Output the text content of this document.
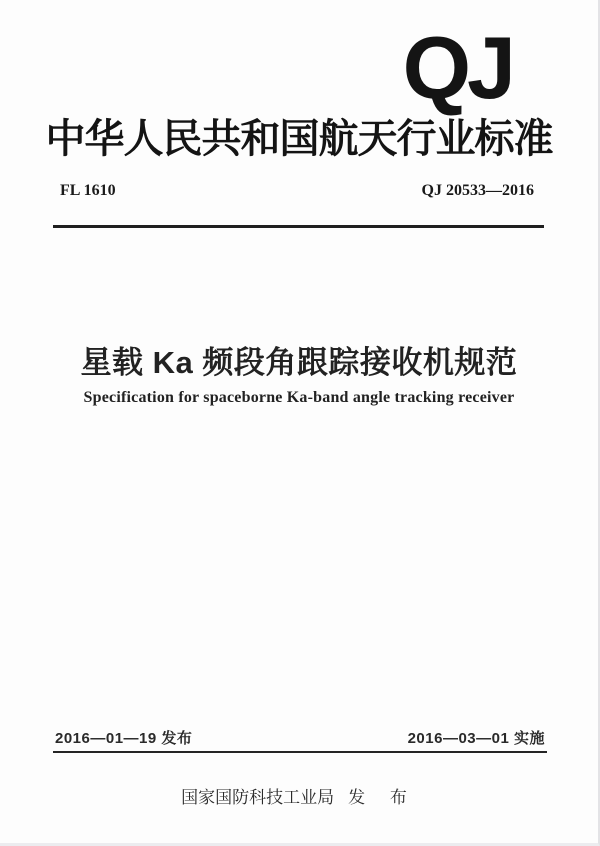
QJ
中华人民共和国航天行业标准
FL 1610	QJ 20533—2016
星载 Ka 频段角跟踪接收机规范
Specification for spaceborne Ka-band angle tracking receiver
2016—01—19 发布	2016—03—01 实施
国家国防科技工业局 发 布
